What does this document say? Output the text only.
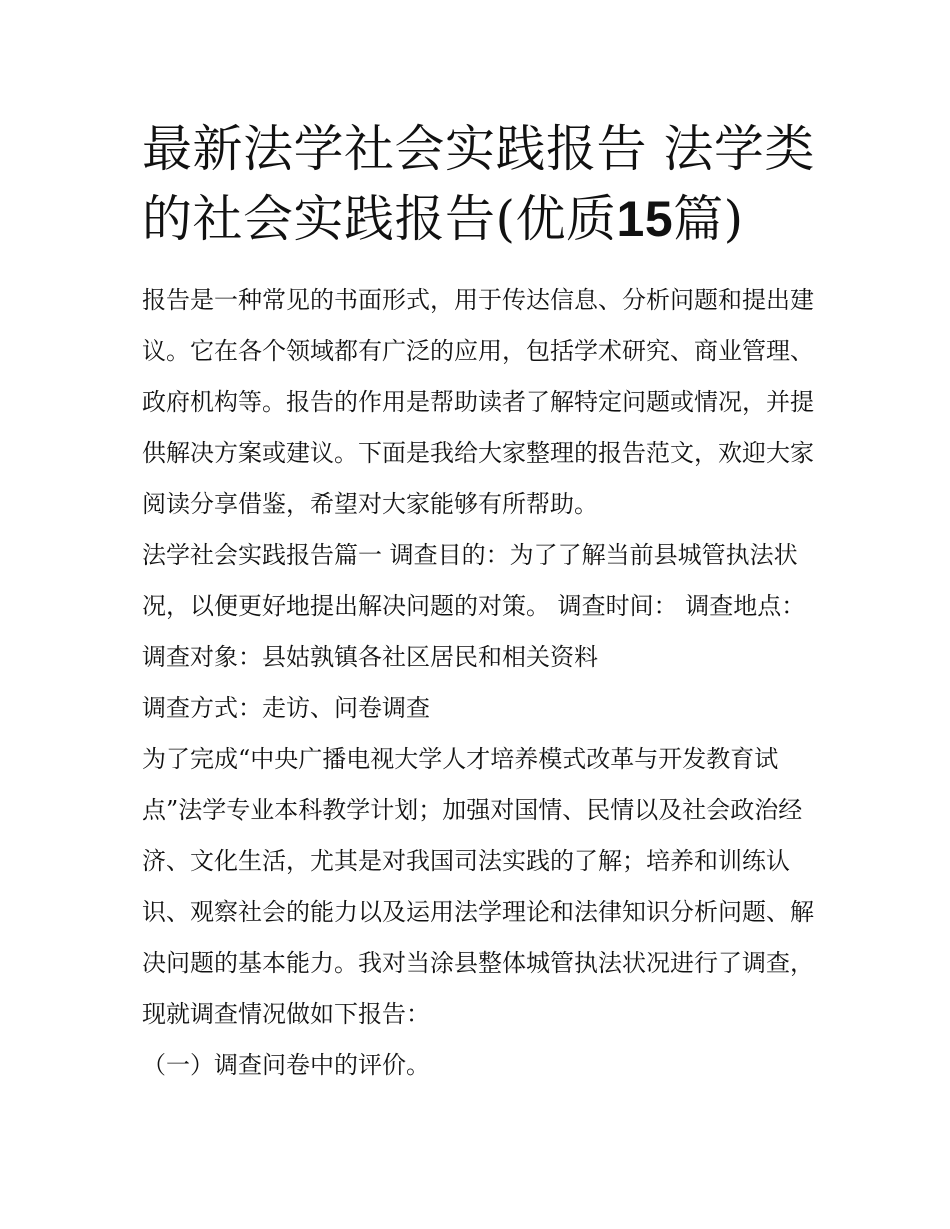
最新法学社会实践报告 法学类的社会实践报告(优质15篇)

报告是一种常见的书面形式，用于传达信息、分析问题和提出建议。它在各个领域都有广泛的应用，包括学术研究、商业管理、政府机构等。报告的作用是帮助读者了解特定问题或情况，并提供解决方案或建议。下面是我给大家整理的报告范文，欢迎大家阅读分享借鉴，希望对大家能够有所帮助。

法学社会实践报告篇一 调查目的：为了了解当前县城管执法状况，以便更好地提出解决问题的对策。 调查时间： 调查地点： 调查对象：县姑孰镇各社区居民和相关资料

调查方式：走访、问卷调查

为了完成“中央广播电视大学人才培养模式改革与开发教育试点”法学专业本科教学计划；加强对国情、民情以及社会政治经济、文化生活，尤其是对我国司法实践的了解；培养和训练认识、观察社会的能力以及运用法学理论和法律知识分析问题、解决问题的基本能力。我对当涂县整体城管执法状况进行了调查，现就调查情况做如下报告：

（一）调查问卷中的评价。
